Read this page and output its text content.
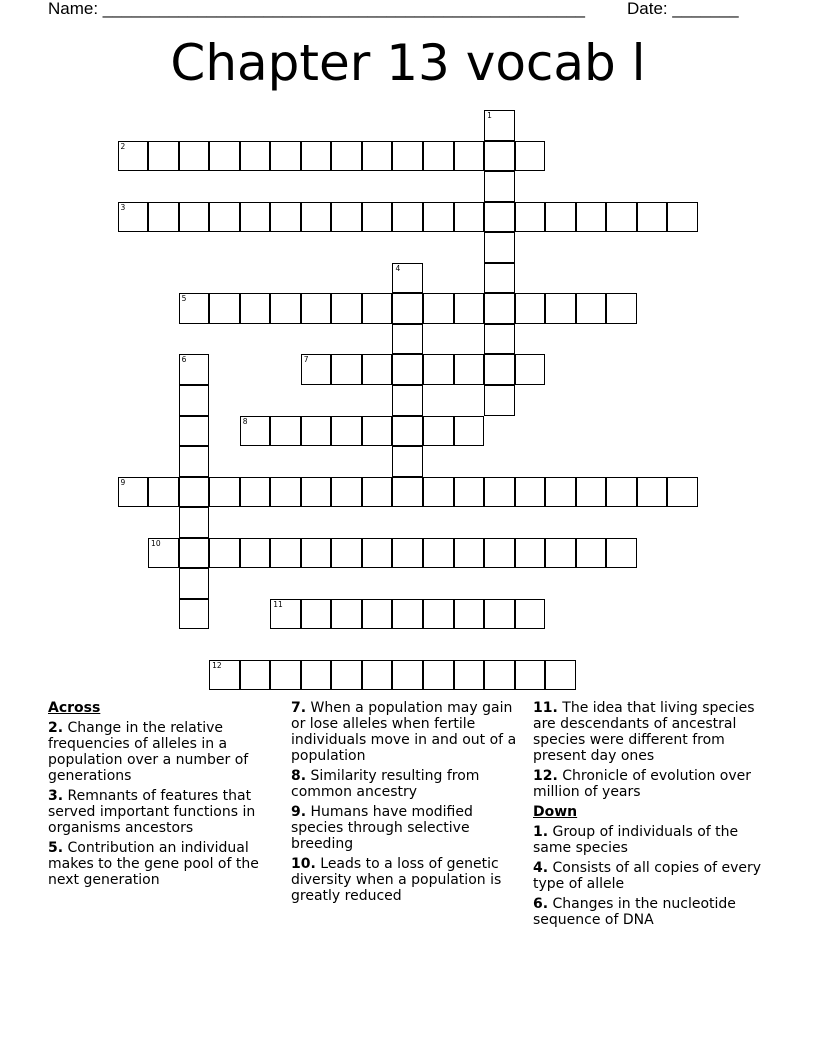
Name: ___________________________________________________ Date: _______
Chapter 13 vocab l
1
2
3
4
5
6	7
8
9
10
11
12
Across
2. Change in the relative frequencies of alleles in a population over a number of generations
3. Remnants of features that served important functions in organisms ancestors
5. Contribution an individual makes to the gene pool of the next generation
7. When a population may gain or lose alleles when fertile individuals move in and out of a population
8. Similarity resulting from common ancestry
9. Humans have modified species through selective breeding
10. Leads to a loss of genetic diversity when a population is greatly reduced
11. The idea that living species are descendants of ancestral species were different from present day ones
12. Chronicle of evolution over million of years
Down
1. Group of individuals of the same species
4. Consists of all copies of every type of allele
6. Changes in the nucleotide sequence of DNA
